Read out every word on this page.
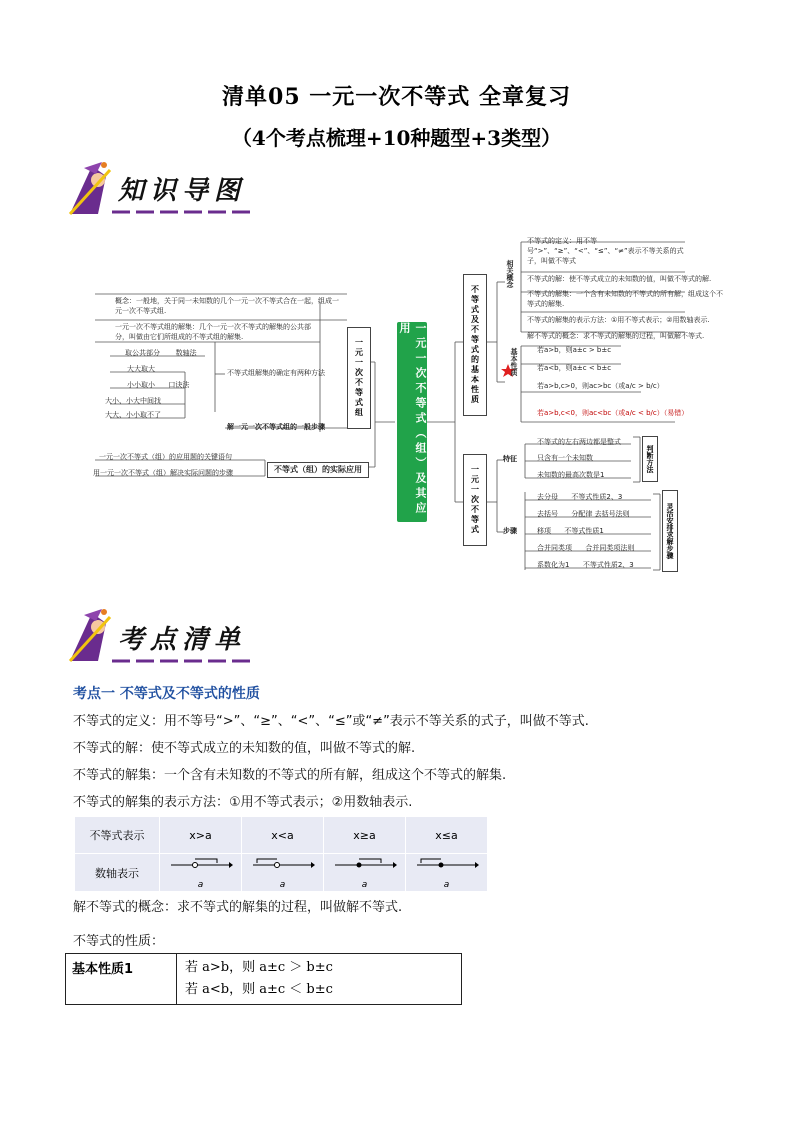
清单05 一元一次不等式 全章复习
（4个考点梳理+10种题型+3类型）
知识导图
一元一次不等式（组）及其应用	不等式及不等式的基本性质
一元一次不等式
一元一次不等式组
相关概念
基本性质
特征
步骤
不等式的定义：用不等号“>”、“≥”、“<”、“≤”、“≠”表示不等关系的式子，叫做不等式
不等式的解：使不等式成立的未知数的值，叫做不等式的解.
不等式的解集：一个含有未知数的不等式的所有解，组成这个不等式的解集.
不等式的解集的表示方法：①用不等式表示；②用数轴表示.
解不等式的概念：求不等式的解集的过程，叫做解不等式.
若a>b，则a±c > b±c
若a<b，则a±c < b±c
若a>b,c>0，则ac>bc（或a/c > b/c）
若a>b,c<0，则ac<bc（或a/c < b/c）（易错）
不等式的左右两边都是整式
只含有一个未知数
未知数的最高次数是1
判断方法
去分母 不等式性质2、3
去括号 分配律 去括号法则
移项 不等式性质1
合并同类项 合并同类项法则
系数化为1 不等式性质2、3
灵活安排求解步骤
概念：一般地，关于同一未知数的几个一元一次不等式合在一起，组成一元一次不等式组.
一元一次不等式组的解集：几个一元一次不等式的解集的公共部分，叫做由它们所组成的不等式组的解集.
不等式组解集的确定有两种方法
解一元一次不等式组的一般步骤
取公共部分 数轴法
大大取大
小小取小 口诀法
大小、小大中间找
大大、小小取不了
不等式（组）的实际应用
一元一次不等式（组）的应用题的关键语句
用一元一次不等式（组）解决实际问题的步骤
考点清单
考点一 不等式及不等式的性质
不等式的定义：用不等号“>”、“≥”、“<”、“≤”或“≠”表示不等关系的式子，叫做不等式.
不等式的解：使不等式成立的未知数的值，叫做不等式的解.
不等式的解集：一个含有未知数的不等式的所有解，组成这个不等式的解集.
不等式的解集的表示方法：①用不等式表示；②用数轴表示.
不等式表示	x>a	x<a	x≥a	x≤a
数轴表示	a	a	a	a
解不等式的概念：求不等式的解集的过程，叫做解不等式.
不等式的性质：
基本性质1	若 a>b，则 a±c ＞ b±c
若 a<b，则 a±c ＜ b±c
